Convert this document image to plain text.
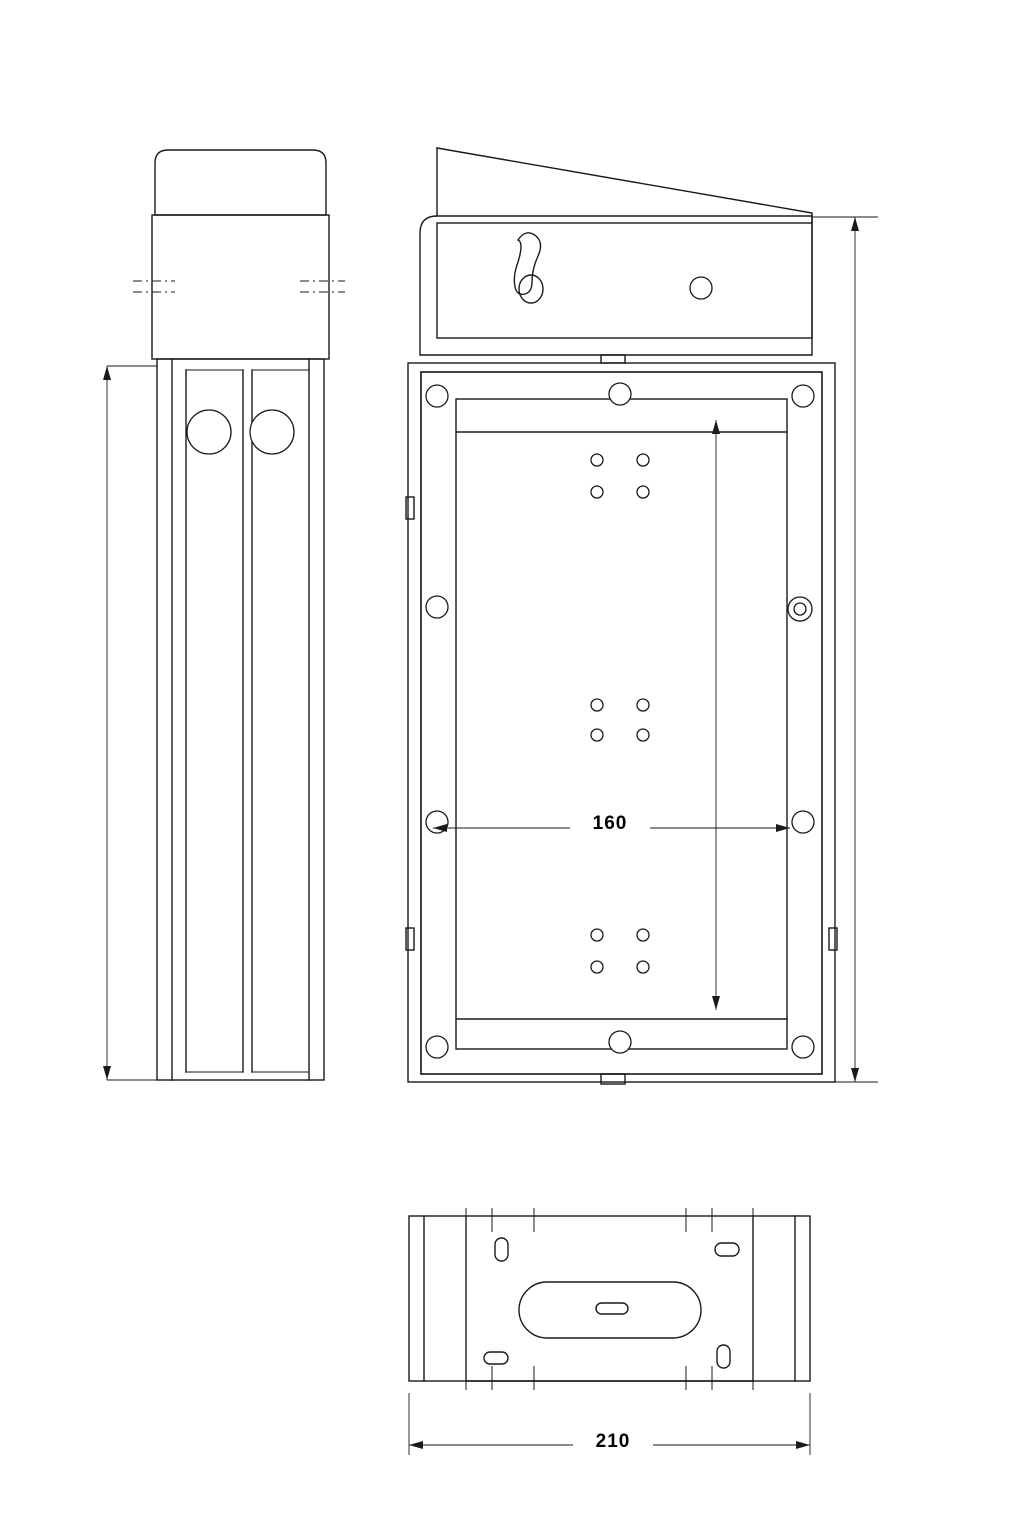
160
210
